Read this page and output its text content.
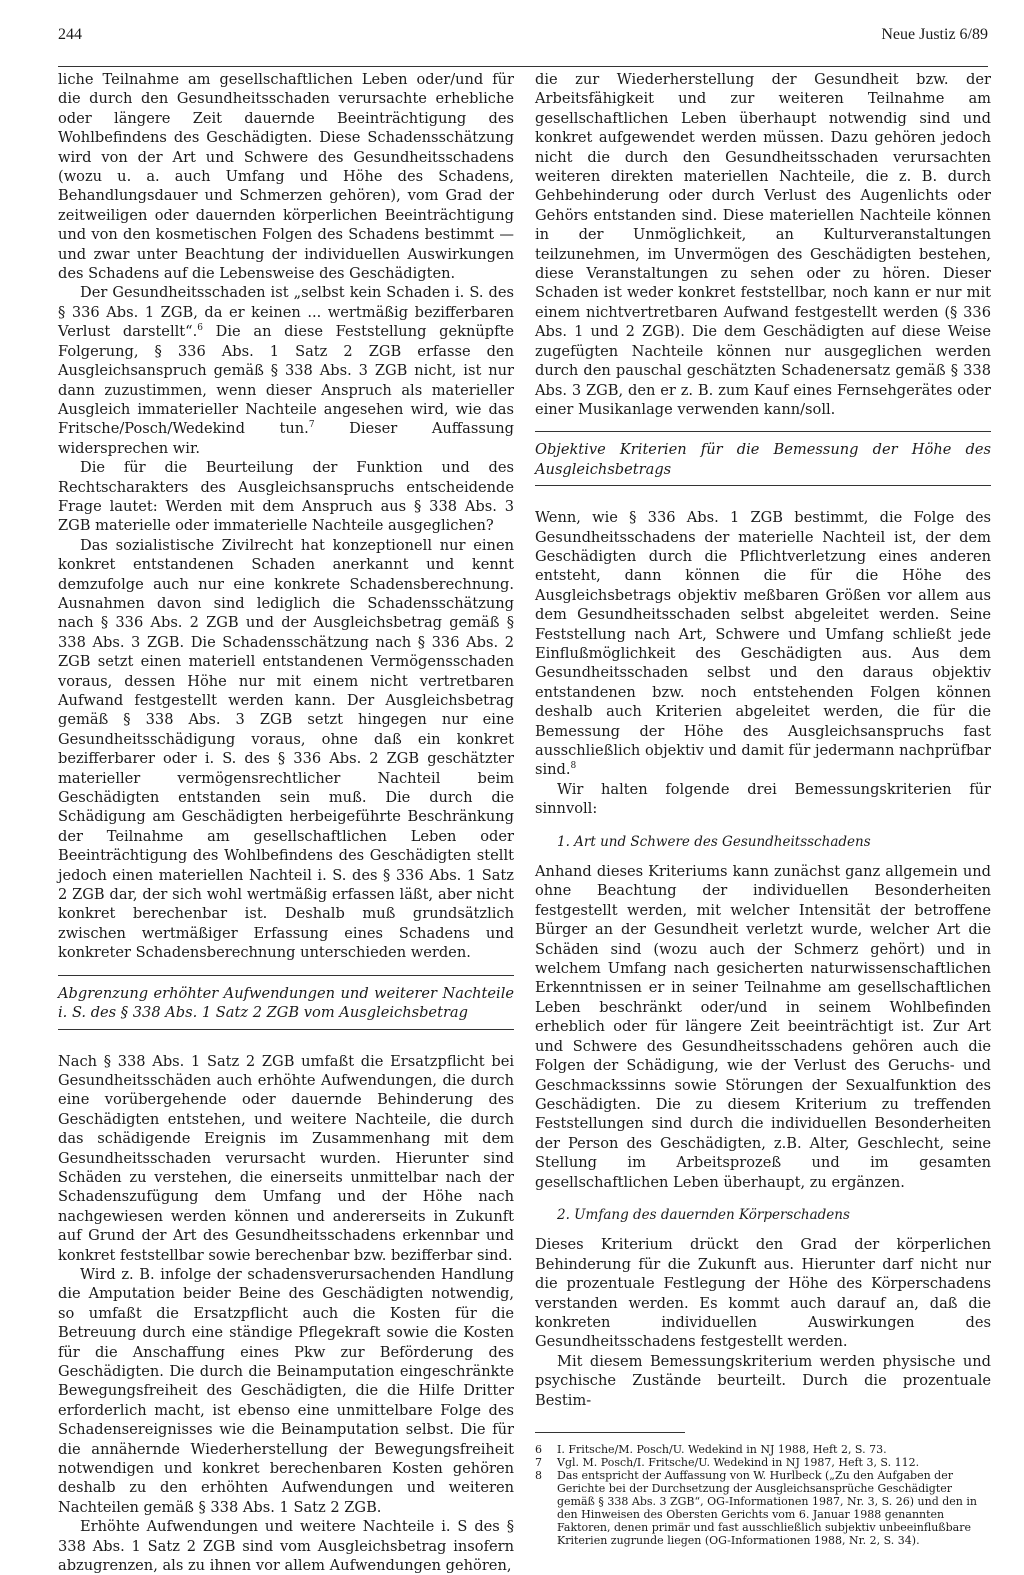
244	Neue Justiz 6/89

liche Teilnahme am gesellschaftlichen Leben oder/und für die durch den Gesundheitsschaden verursachte erhebliche oder längere Zeit dauernde Beeinträchtigung des Wohlbefindens des Geschädigten. Diese Schadensschätzung wird von der Art und Schwere des Gesundheitsschadens (wozu u. a. auch Umfang und Höhe des Schadens, Behandlungsdauer und Schmerzen gehören), vom Grad der zeitweiligen oder dauernden körperlichen Beeinträchtigung und von den kosmetischen Folgen des Schadens bestimmt — und zwar unter Beachtung der individuellen Auswirkungen des Schadens auf die Lebensweise des Geschädigten.

Der Gesundheitsschaden ist „selbst kein Schaden i. S. des § 336 Abs. 1 ZGB, da er keinen ... wertmäßig bezifferbaren Verlust darstellt“.$^6$ Die an diese Feststellung geknüpfte Folgerung, § 336 Abs. 1 Satz 2 ZGB erfasse den Ausgleichsanspruch gemäß § 338 Abs. 3 ZGB nicht, ist nur dann zuzustimmen, wenn dieser Anspruch als materieller Ausgleich immaterieller Nachteile angesehen wird, wie das Fritsche/Posch/Wedekind tun.$^7$ Dieser Auffassung widersprechen wir.

Die für die Beurteilung der Funktion und des Rechtscharakters des Ausgleichsanspruchs entscheidende Frage lautet: Werden mit dem Anspruch aus § 338 Abs. 3 ZGB materielle oder immaterielle Nachteile ausgeglichen?

Das sozialistische Zivilrecht hat konzeptionell nur einen konkret entstandenen Schaden anerkannt und kennt demzufolge auch nur eine konkrete Schadensberechnung. Ausnahmen davon sind lediglich die Schadensschätzung nach § 336 Abs. 2 ZGB und der Ausgleichsbetrag gemäß § 338 Abs. 3 ZGB. Die Schadensschätzung nach § 336 Abs. 2 ZGB setzt einen materiell entstandenen Vermögensschaden voraus, dessen Höhe nur mit einem nicht vertretbaren Aufwand festgestellt werden kann. Der Ausgleichsbetrag gemäß § 338 Abs. 3 ZGB setzt hingegen nur eine Gesundheitsschädigung voraus, ohne daß ein konkret bezifferbarer oder i. S. des § 336 Abs. 2 ZGB geschätzter materieller vermögensrechtlicher Nachteil beim Geschädigten entstanden sein muß. Die durch die Schädigung am Geschädigten herbeigeführte Beschränkung der Teilnahme am gesellschaftlichen Leben oder Beeinträchtigung des Wohlbefindens des Geschädigten stellt jedoch einen materiellen Nachteil i. S. des § 336 Abs. 1 Satz 2 ZGB dar, der sich wohl wertmäßig erfassen läßt, aber nicht konkret berechenbar ist. Deshalb muß grundsätzlich zwischen wertmäßiger Erfassung eines Schadens und konkreter Schadensberechnung unterschieden werden.

Abgrenzung erhöhter Aufwendungen und weiterer Nachteile i. S. des § 338 Abs. 1 Satz 2 ZGB vom Ausgleichsbetrag

Nach § 338 Abs. 1 Satz 2 ZGB umfaßt die Ersatzpflicht bei Gesundheitsschäden auch erhöhte Aufwendungen, die durch eine vorübergehende oder dauernde Behinderung des Geschädigten entstehen, und weitere Nachteile, die durch das schädigende Ereignis im Zusammenhang mit dem Gesundheitsschaden verursacht wurden. Hierunter sind Schäden zu verstehen, die einerseits unmittelbar nach der Schadenszufügung dem Umfang und der Höhe nach nachgewiesen werden können und andererseits in Zukunft auf Grund der Art des Gesundheitsschadens erkennbar und konkret feststellbar sowie berechenbar bzw. bezifferbar sind.

Wird z. B. infolge der schadensverursachenden Handlung die Amputation beider Beine des Geschädigten notwendig, so umfaßt die Ersatzpflicht auch die Kosten für die Betreuung durch eine ständige Pflegekraft sowie die Kosten für die Anschaffung eines Pkw zur Beförderung des Geschädigten. Die durch die Beinamputation eingeschränkte Bewegungsfreiheit des Geschädigten, die die Hilfe Dritter erforderlich macht, ist ebenso eine unmittelbare Folge des Schadensereignisses wie die Beinamputation selbst. Die für die annähernde Wiederherstellung der Bewegungsfreiheit notwendigen und konkret berechenbaren Kosten gehören deshalb zu den erhöhten Aufwendungen und weiteren Nachteilen gemäß § 338 Abs. 1 Satz 2 ZGB.

Erhöhte Aufwendungen und weitere Nachteile i. S des § 338 Abs. 1 Satz 2 ZGB sind vom Ausgleichsbetrag insofern abzugrenzen, als zu ihnen vor allem Aufwendungen gehören,

die zur Wiederherstellung der Gesundheit bzw. der Arbeitsfähigkeit und zur weiteren Teilnahme am gesellschaftlichen Leben überhaupt notwendig sind und konkret aufgewendet werden müssen. Dazu gehören jedoch nicht die durch den Gesundheitsschaden verursachten weiteren direkten materiellen Nachteile, die z. B. durch Gehbehinderung oder durch Verlust des Augenlichts oder Gehörs entstanden sind. Diese materiellen Nachteile können in der Unmöglichkeit, an Kulturveranstaltungen teilzunehmen, im Unvermögen des Geschädigten bestehen, diese Veranstaltungen zu sehen oder zu hören. Dieser Schaden ist weder konkret feststellbar, noch kann er nur mit einem nichtvertretbaren Aufwand festgestellt werden (§ 336 Abs. 1 und 2 ZGB). Die dem Geschädigten auf diese Weise zugefügten Nachteile können nur ausgeglichen werden durch den pauschal geschätzten Schadenersatz gemäß § 338 Abs. 3 ZGB, den er z. B. zum Kauf eines Fernsehgerätes oder einer Musikanlage verwenden kann/soll.

Objektive Kriterien für die Bemessung der Höhe des Ausgleichsbetrags

Wenn, wie § 336 Abs. 1 ZGB bestimmt, die Folge des Gesundheitsschadens der materielle Nachteil ist, der dem Geschädigten durch die Pflichtverletzung eines anderen entsteht, dann können die für die Höhe des Ausgleichsbetrags objektiv meßbaren Größen vor allem aus dem Gesundheitsschaden selbst abgeleitet werden. Seine Feststellung nach Art, Schwere und Umfang schließt jede Einflußmöglichkeit des Geschädigten aus. Aus dem Gesundheitsschaden selbst und den daraus objektiv entstandenen bzw. noch entstehenden Folgen können deshalb auch Kriterien abgeleitet werden, die für die Bemessung der Höhe des Ausgleichsanspruchs fast ausschließlich objektiv und damit für jedermann nachprüfbar sind.$^8$

Wir halten folgende drei Bemessungskriterien für sinnvoll:

1. Art und Schwere des Gesundheitsschadens

Anhand dieses Kriteriums kann zunächst ganz allgemein und ohne Beachtung der individuellen Besonderheiten festgestellt werden, mit welcher Intensität der betroffene Bürger an der Gesundheit verletzt wurde, welcher Art die Schäden sind (wozu auch der Schmerz gehört) und in welchem Umfang nach gesicherten naturwissenschaftlichen Erkenntnissen er in seiner Teilnahme am gesellschaftlichen Leben beschränkt oder/und in seinem Wohlbefinden erheblich oder für längere Zeit beeinträchtigt ist. Zur Art und Schwere des Gesundheitsschadens gehören auch die Folgen der Schädigung, wie der Verlust des Geruchs- und Geschmackssinns sowie Störungen der Sexualfunktion des Geschädigten. Die zu diesem Kriterium zu treffenden Feststellungen sind durch die individuellen Besonderheiten der Person des Geschädigten, z.B. Alter, Geschlecht, seine Stellung im Arbeitsprozeß und im gesamten gesellschaftlichen Leben überhaupt, zu ergänzen.

2. Umfang des dauernden Körperschadens

Dieses Kriterium drückt den Grad der körperlichen Behinderung für die Zukunft aus. Hierunter darf nicht nur die prozentuale Festlegung der Höhe des Körperschadens verstanden werden. Es kommt auch darauf an, daß die konkreten individuellen Auswirkungen des Gesundheitsschadens festgestellt werden.

Mit diesem Bemessungskriterium werden physische und psychische Zustände beurteilt. Durch die prozentuale Bestim-

6	I. Fritsche/M. Posch/U. Wedekind in NJ 1988, Heft 2, S. 73.
7	Vgl. M. Posch/I. Fritsche/U. Wedekind in NJ 1987, Heft 3, S. 112.
8	Das entspricht der Auffassung von W. Hurlbeck („Zu den Aufgaben der Gerichte bei der Durchsetzung der Ausgleichsansprüche Geschädigter gemäß § 338 Abs. 3 ZGB“, OG-Informationen 1987, Nr. 3, S. 26) und den in den Hinweisen des Obersten Gerichts vom 6. Januar 1988 genannten Faktoren, denen primär und fast ausschließlich subjektiv unbeeinflußbare Kriterien zugrunde liegen (OG-Informationen 1988, Nr. 2, S. 34).
